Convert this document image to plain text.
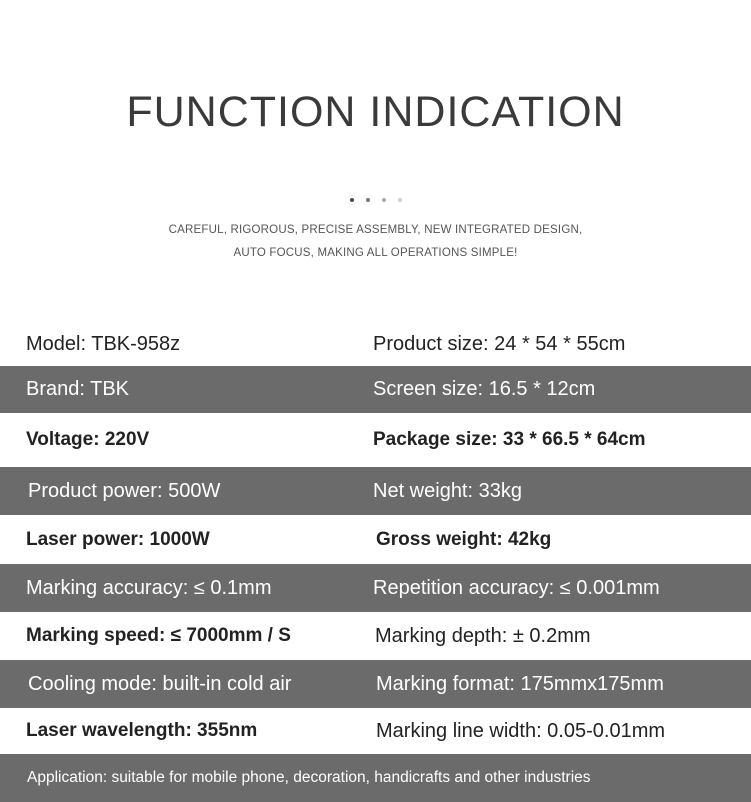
FUNCTION INDICATION
CAREFUL, RIGOROUS, PRECISE ASSEMBLY, NEW INTEGRATED DESIGN,
AUTO FOCUS, MAKING ALL OPERATIONS SIMPLE!
Model: TBK-958z	Product size: 24 * 54 * 55cm
Brand: TBK	Screen size: 16.5 * 12cm
Voltage: 220V	Package size: 33 * 66.5 * 64cm
Product power: 500W	Net weight: 33kg
Laser power: 1000W	Gross weight: 42kg
Marking accuracy: ≤ 0.1mm	Repetition accuracy: ≤ 0.001mm
Marking speed: ≤ 7000mm / S	Marking depth: ± 0.2mm
Cooling mode: built-in cold air	Marking format: 175mmx175mm
Laser wavelength: 355nm	Marking line width: 0.05-0.01mm
Application: suitable for mobile phone, decoration, handicrafts and other industries
